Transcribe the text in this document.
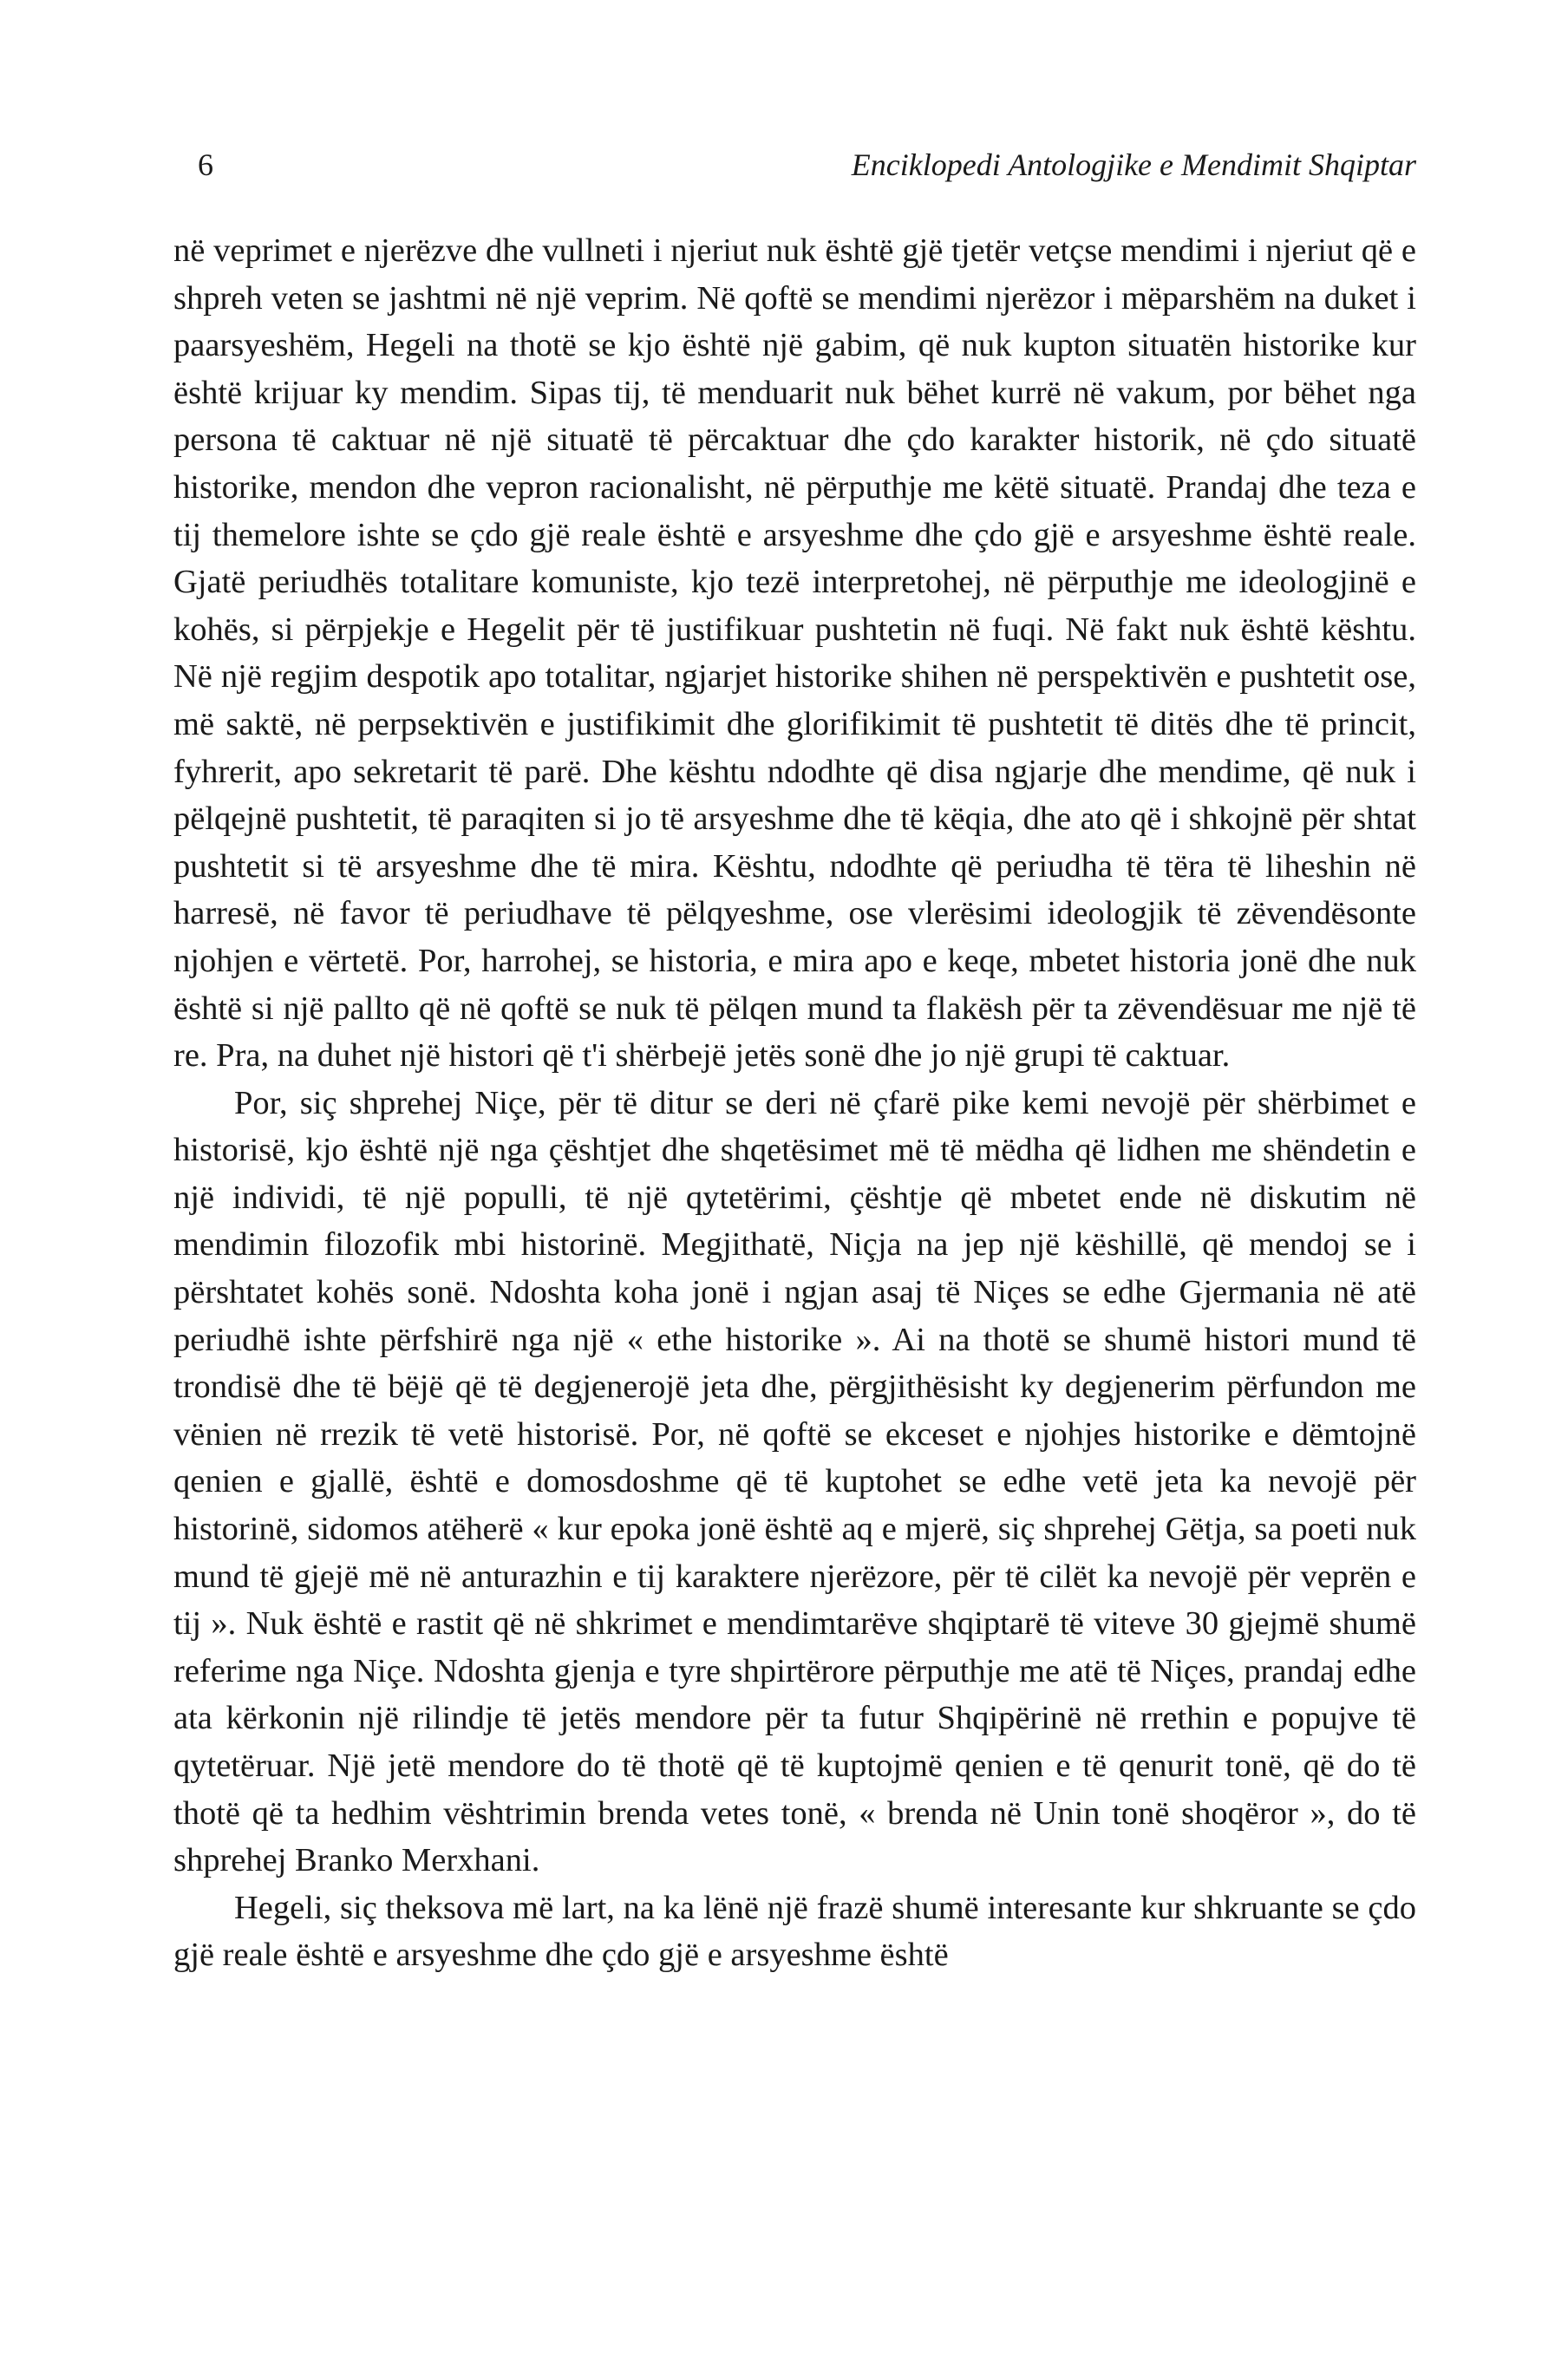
6	Enciklopedi Antologjike e Mendimit Shqiptar

në veprimet e njerëzve dhe vullneti i njeriut nuk është gjë tjetër vetçse mendimi i njeriut që e shpreh veten se jashtmi në një veprim. Në qoftë se mendimi njerëzor i mëparshëm na duket i paarsyeshëm, Hegeli na thotë se kjo është një gabim, që nuk kupton situatën historike kur është krijuar ky mendim. Sipas tij, të menduarit nuk bëhet kurrë në vakum, por bëhet nga persona të caktuar në një situatë të përcaktuar dhe çdo karakter historik, në çdo situatë historike, mendon dhe vepron racionalisht, në përputhje me këtë situatë. Prandaj dhe teza e tij themelore ishte se çdo gjë reale është e arsyeshme dhe çdo gjë e arsyeshme është reale. Gjatë periudhës totalitare komuniste, kjo tezë interpretohej, në përputhje me ideologjinë e kohës, si përpjekje e Hegelit për të justifikuar pushtetin në fuqi. Në fakt nuk është kështu. Në një regjim despotik apo totalitar, ngjarjet historike shihen në perspektivën e pushtetit ose, më saktë, në perpsektivën e justifikimit dhe glorifikimit të pushtetit të ditës dhe të princit, fyhrerit, apo sekretarit të parë. Dhe kështu ndodhte që disa ngjarje dhe mendime, që nuk i pëlqejnë pushtetit, të paraqiten si jo të arsyeshme dhe të këqia, dhe ato që i shkojnë për shtat pushtetit si të arsyeshme dhe të mira. Kështu, ndodhte që periudha të tëra të liheshin në harresë, në favor të periudhave të pëlqyeshme, ose vlerësimi ideologjik të zëvendësonte njohjen e vërtetë. Por, harrohej, se historia, e mira apo e keqe, mbetet historia jonë dhe nuk është si një pallto që në qoftë se nuk të pëlqen mund ta flakësh për ta zëvendësuar me një të re. Pra, na duhet një histori që t'i shërbejë jetës sonë dhe jo një grupi të caktuar.

Por, siç shprehej Niçe, për të ditur se deri në çfarë pike kemi nevojë për shërbimet e historisë, kjo është një nga çështjet dhe shqetësimet më të mëdha që lidhen me shëndetin e një individi, të një populli, të një qytetërimi, çështje që mbetet ende në diskutim në mendimin filozofik mbi historinë. Megjithatë, Niçja na jep një këshillë, që mendoj se i përshtatet kohës sonë. Ndoshta koha jonë i ngjan asaj të Niçes se edhe Gjermania në atë periudhë ishte përfshirë nga një « ethe historike ». Ai na thotë se shumë histori mund të trondisë dhe të bëjë që të degjenerojë jeta dhe, përgjithësisht ky degjenerim përfundon me vënien në rrezik të vetë historisë. Por, në qoftë se ekceset e njohjes historike e dëmtojnë qenien e gjallë, është e domosdoshme që të kuptohet se edhe vetë jeta ka nevojë për historinë, sidomos atëherë « kur epoka jonë është aq e mjerë, siç shprehej Gëtja, sa poeti nuk mund të gjejë më në anturazhin e tij karaktere njerëzore, për të cilët ka nevojë për veprën e tij ». Nuk është e rastit që në shkrimet e mendimtarëve shqiptarë të viteve 30 gjejmë shumë referime nga Niçe. Ndoshta gjenja e tyre shpirtërore përputhje me atë të Niçes, prandaj edhe ata kërkonin një rilindje të jetës mendore për ta futur Shqipërinë në rrethin e popujve të qytetëruar. Një jetë mendore do të thotë që të kuptojmë qenien e të qenurit tonë, që do të thotë që ta hedhim vështrimin brenda vetes tonë, « brenda në Unin tonë shoqëror », do të shprehej Branko Merxhani.

Hegeli, siç theksova më lart, na ka lënë një frazë shumë interesante kur shkruante se çdo gjë reale është e arsyeshme dhe çdo gjë e arsyeshme është
